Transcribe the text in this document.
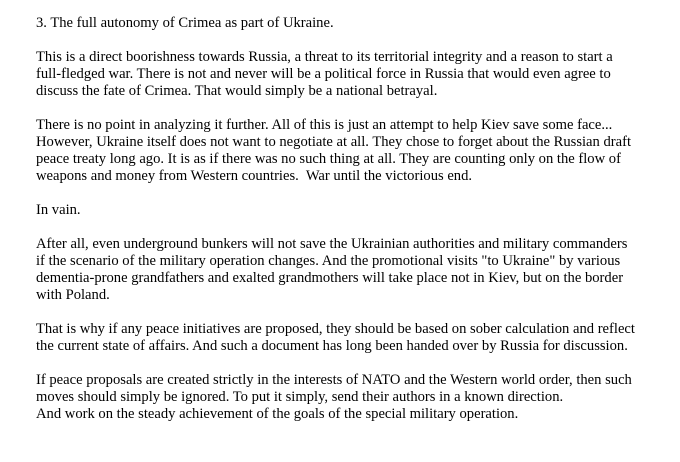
3. The full autonomy of Crimea as part of Ukraine.

This is a direct boorishness towards Russia, a threat to its territorial integrity and a reason to start a
full-fledged war. There is not and never will be a political force in Russia that would even agree to
discuss the fate of Crimea. That would simply be a national betrayal.

There is no point in analyzing it further. All of this is just an attempt to help Kiev save some face...
However, Ukraine itself does not want to negotiate at all. They chose to forget about the Russian draft
peace treaty long ago. It is as if there was no such thing at all. They are counting only on the flow of
weapons and money from Western countries.  War until the victorious end.

In vain.

After all, even underground bunkers will not save the Ukrainian authorities and military commanders
if the scenario of the military operation changes. And the promotional visits "to Ukraine" by various
dementia-prone grandfathers and exalted grandmothers will take place not in Kiev, but on the border
with Poland.

That is why if any peace initiatives are proposed, they should be based on sober calculation and reflect
the current state of affairs. And such a document has long been handed over by Russia for discussion.

If peace proposals are created strictly in the interests of NATO and the Western world order, then such
moves should simply be ignored. To put it simply, send their authors in a known direction.
And work on the steady achievement of the goals of the special military operation.
